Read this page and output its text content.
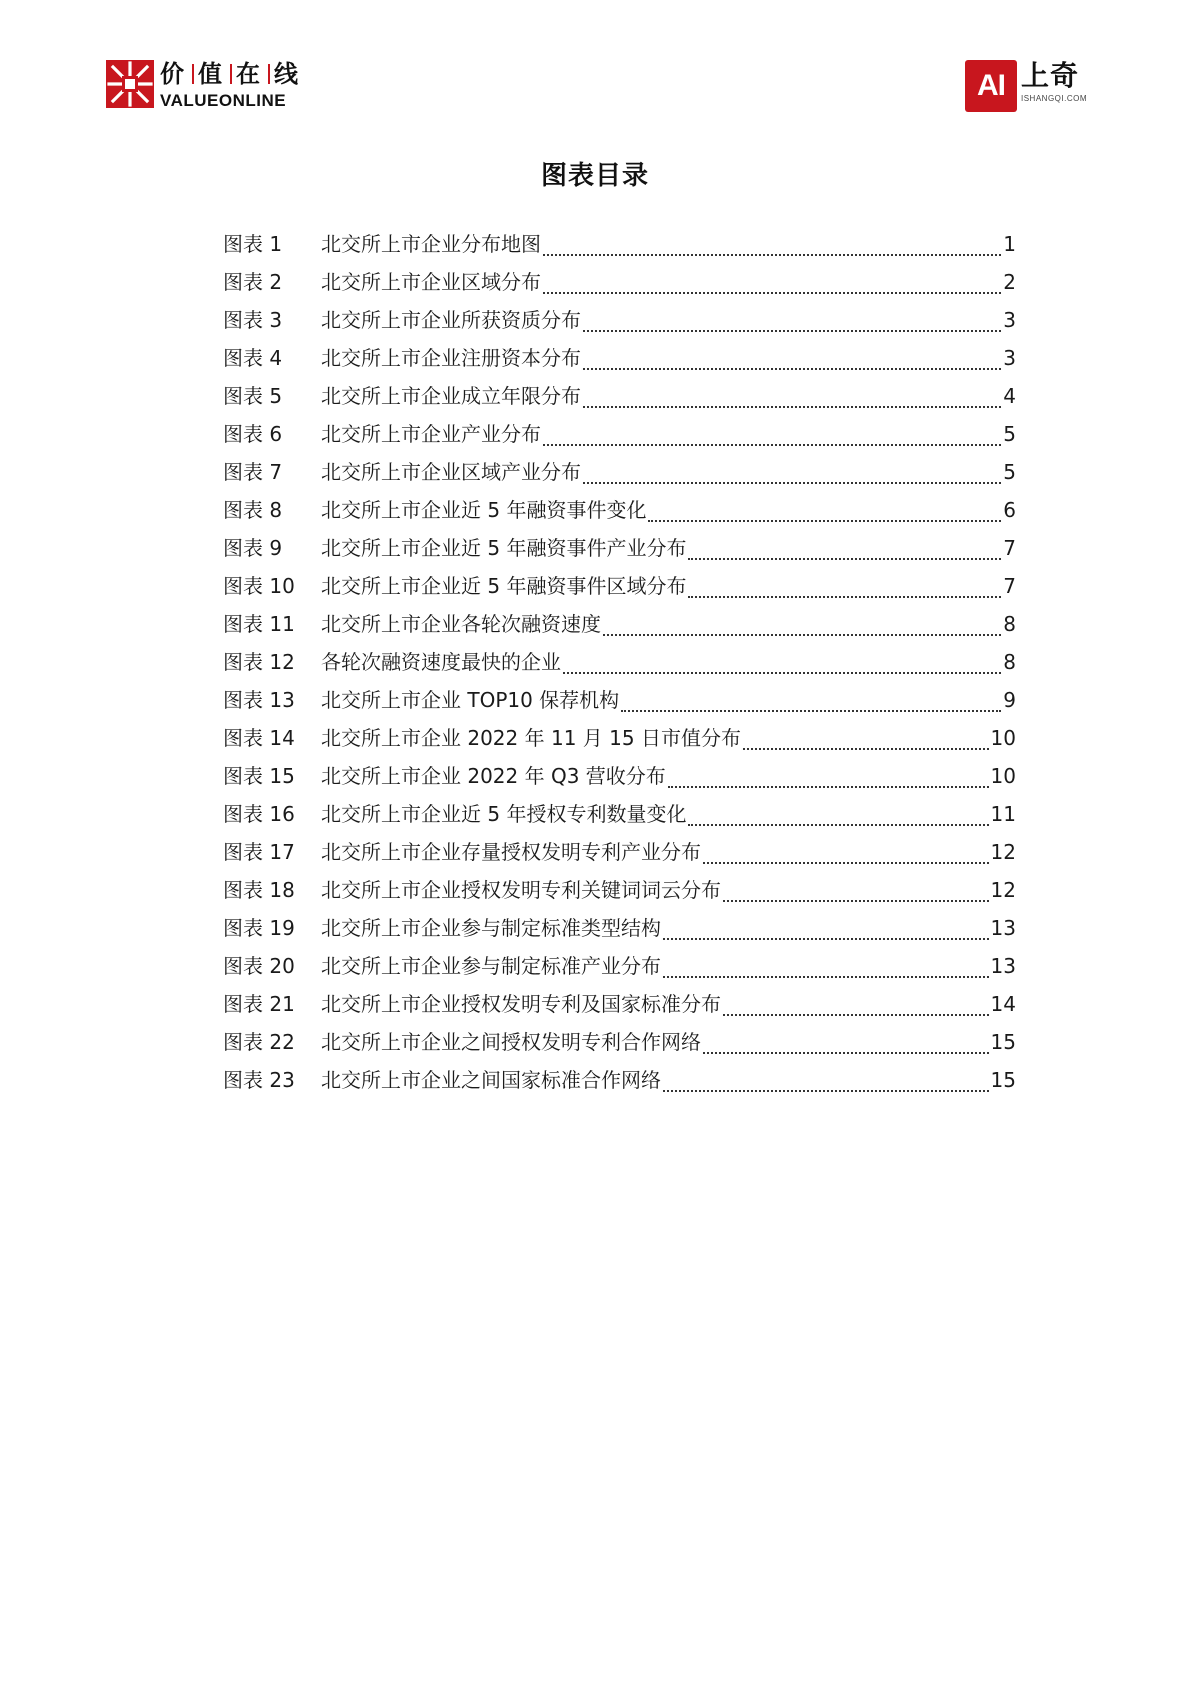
价 值 在 线
VALUEONLINE	AI 上奇
ISHANGQI.COM
图表目录
图表 1	北交所上市企业分布地图	1
图表 2	北交所上市企业区域分布	2
图表 3	北交所上市企业所获资质分布	3
图表 4	北交所上市企业注册资本分布	3
图表 5	北交所上市企业成立年限分布	4
图表 6	北交所上市企业产业分布	5
图表 7	北交所上市企业区域产业分布	5
图表 8	北交所上市企业近 5 年融资事件变化	6
图表 9	北交所上市企业近 5 年融资事件产业分布	7
图表 10	北交所上市企业近 5 年融资事件区域分布	7
图表 11	北交所上市企业各轮次融资速度	8
图表 12	各轮次融资速度最快的企业	8
图表 13	北交所上市企业 TOP10 保荐机构	9
图表 14	北交所上市企业 2022 年 11 月 15 日市值分布	10
图表 15	北交所上市企业 2022 年 Q3 营收分布	10
图表 16	北交所上市企业近 5 年授权专利数量变化	11
图表 17	北交所上市企业存量授权发明专利产业分布	12
图表 18	北交所上市企业授权发明专利关键词词云分布	12
图表 19	北交所上市企业参与制定标准类型结构	13
图表 20	北交所上市企业参与制定标准产业分布	13
图表 21	北交所上市企业授权发明专利及国家标准分布	14
图表 22	北交所上市企业之间授权发明专利合作网络	15
图表 23	北交所上市企业之间国家标准合作网络	15
